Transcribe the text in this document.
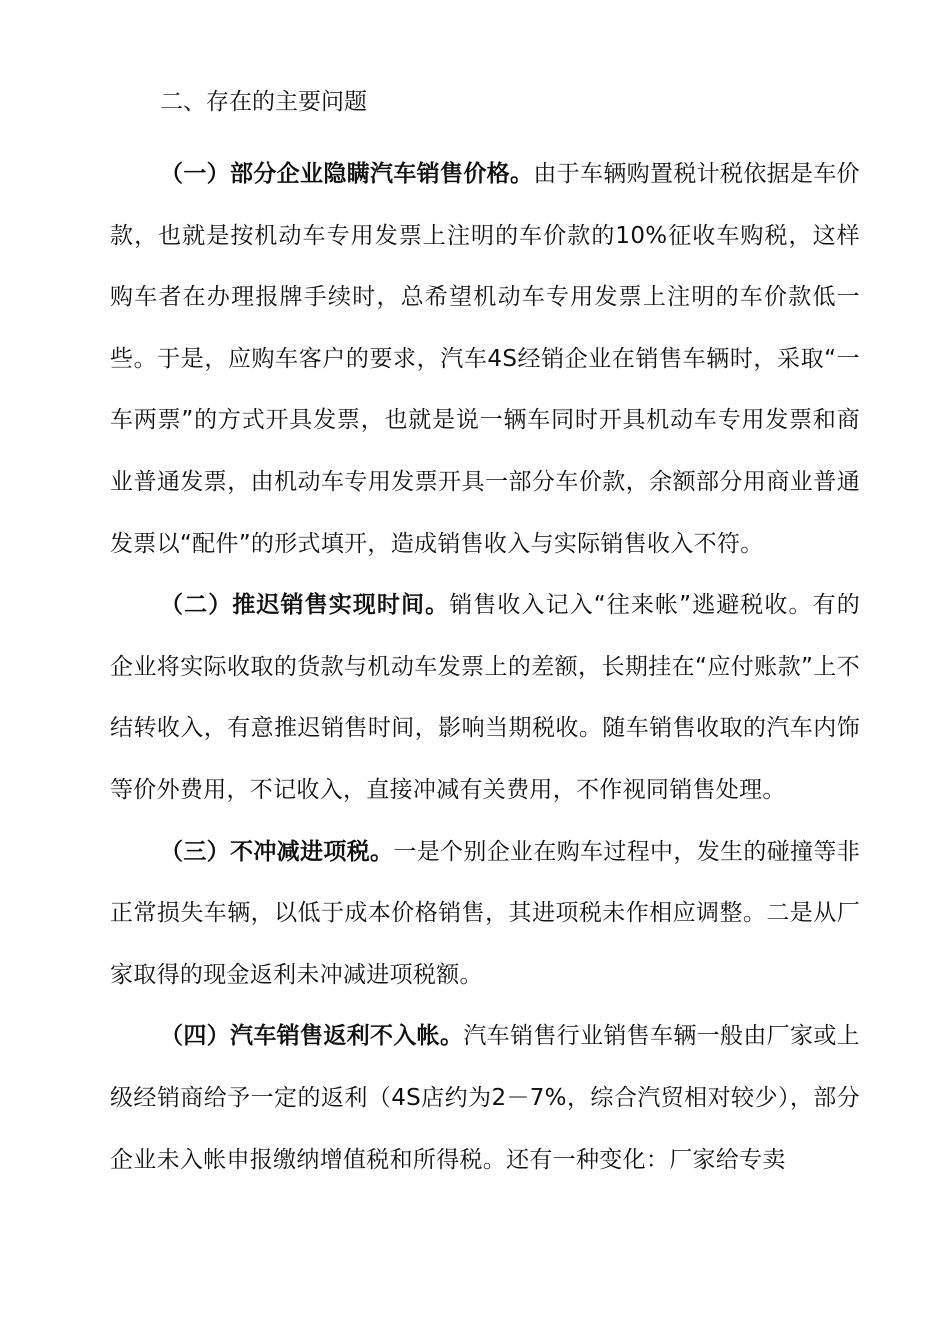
二、存在的主要问题

（一）部分企业隐瞒汽车销售价格。由于车辆购置税计税依据是车价款，也就是按机动车专用发票上注明的车价款的10%征收车购税，这样购车者在办理报牌手续时，总希望机动车专用发票上注明的车价款低一些。于是，应购车客户的要求，汽车4S经销企业在销售车辆时，采取“一车两票”的方式开具发票，也就是说一辆车同时开具机动车专用发票和商业普通发票，由机动车专用发票开具一部分车价款，余额部分用商业普通发票以“配件”的形式填开，造成销售收入与实际销售收入不符。

（二）推迟销售实现时间。销售收入记入“往来帐”逃避税收。有的企业将实际收取的货款与机动车发票上的差额，长期挂在“应付账款”上不结转收入，有意推迟销售时间，影响当期税收。随车销售收取的汽车内饰等价外费用，不记收入，直接冲减有关费用，不作视同销售处理。

（三）不冲减进项税。一是个别企业在购车过程中，发生的碰撞等非正常损失车辆，以低于成本价格销售，其进项税未作相应调整。二是从厂家取得的现金返利未冲减进项税额。

（四）汽车销售返利不入帐。汽车销售行业销售车辆一般由厂家或上级经销商给予一定的返利（4S店约为2－7%，综合汽贸相对较少），部分企业未入帐申报缴纳增值税和所得税。还有一种变化：厂家给专卖
